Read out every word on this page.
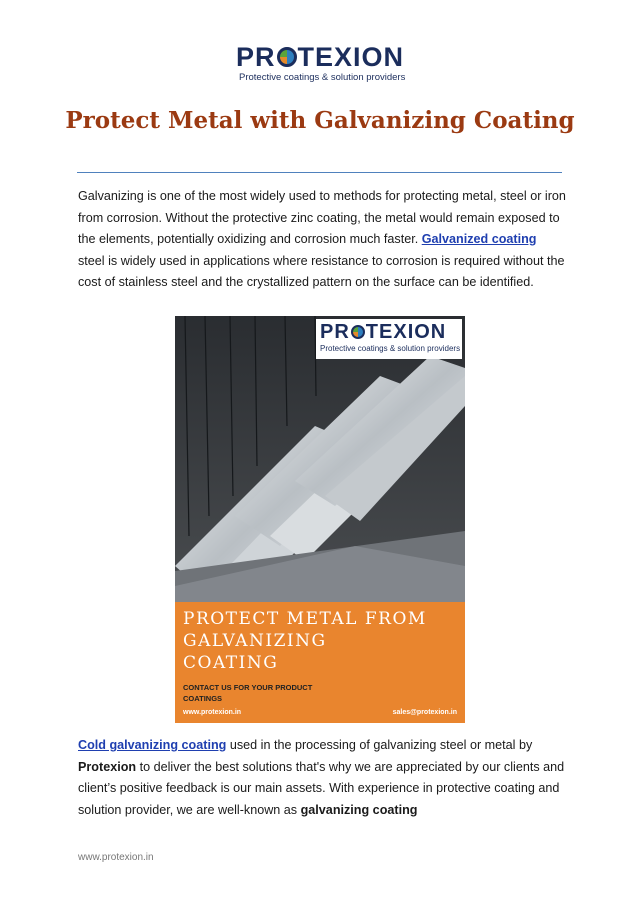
PR TEXION
Protective coatings & solution providers
Protect Metal with Galvanizing Coating

Galvanizing is one of the most widely used to methods for protecting metal, steel or iron from corrosion. Without the protective zinc coating, the metal would remain exposed to the elements, potentially oxidizing and corrosion much faster. Galvanized coating steel is widely used in applications where resistance to corrosion is required without the cost of stainless steel and the crystallized pattern on the surface can be identified.

PR TEXION
Protective coatings & solution providers
PROTECT METAL FROM
GALVANIZING
COATING
CONTACT US FOR YOUR PRODUCT COATINGS
www.protexion.in	sales@protexion.in

Cold galvanizing coating used in the processing of galvanizing steel or metal by Protexion to deliver the best solutions that's why we are appreciated by our clients and client’s positive feedback is our main assets. With experience in protective coating and solution provider, we are well-known as galvanizing coating

www.protexion.in
